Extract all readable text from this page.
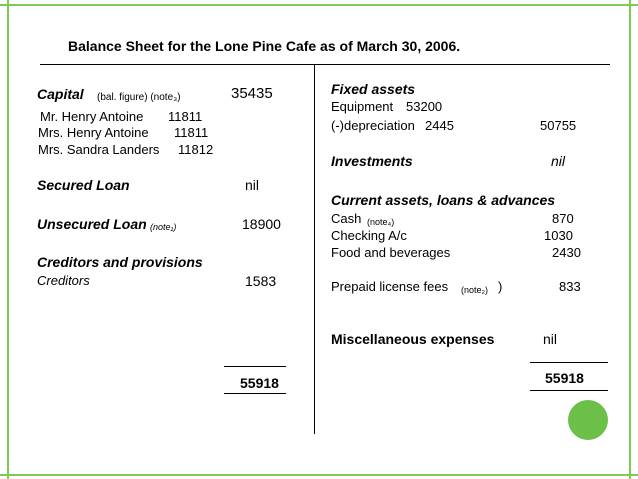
Balance Sheet for the Lone Pine Cafe as of March 30, 2006.
Capital (bal. figure) (note₃)	35435
Mr. Henry Antoine 11811
Mrs. Henry Antoine 11811
Mrs. Sandra Landers 11812
Secured Loan	nil
Unsecured Loan (note₁)	18900
Creditors and provisions
Creditors	1583
55918
Fixed assets
Equipment 53200
(-)depreciation 2445	50755
Investments	nil
Current assets, loans & advances
Cash (note₄)	870
Checking A/c	1030
Food and beverages	2430
Prepaid license fees (note₂) )	833
Miscellaneous expenses	nil
55918
